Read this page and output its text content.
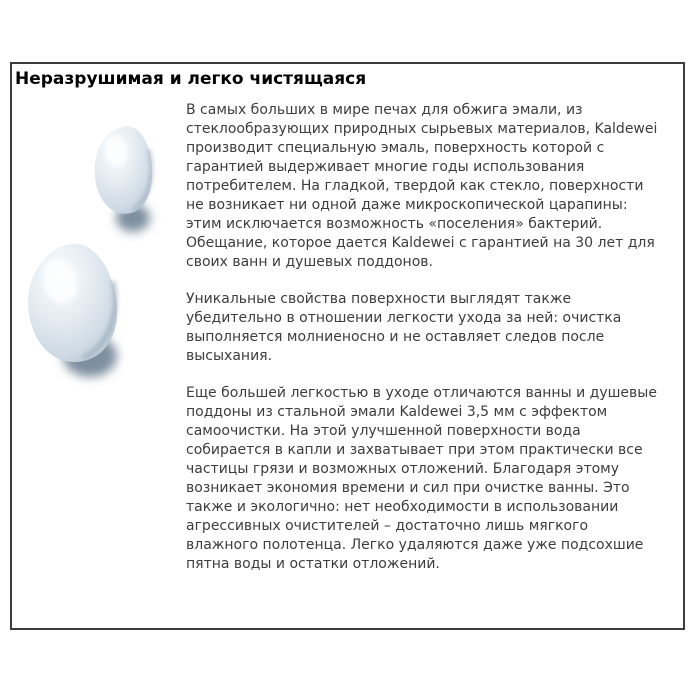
Неразрушимая и легко чистящаяся

В самых больших в мире печах для обжига эмали, из стеклообразующих природных сырьевых материалов, Kaldewei производит специальную эмаль, поверхность которой с гарантией выдерживает многие годы использования потребителем. На гладкой, твердой как стекло, поверхности не возникает ни одной даже микроскопической царапины: этим исключается возможность «поселения» бактерий. Обещание, которое дается Kaldewei с гарантией на 30 лет для своих ванн и душевых поддонов.

Уникальные свойства поверхности выглядят также убедительно в отношении легкости ухода за ней: очистка выполняется молниеносно и не оставляет следов после высыхания.

Еще большей легкостью в уходе отличаются ванны и душевые поддоны из стальной эмали Kaldewei 3,5 мм с эффектом самоочистки. На этой улучшенной поверхности вода собирается в капли и захватывает при этом практически все частицы грязи и возможных отложений. Благодаря этому возникает экономия времени и сил при очистке ванны. Это также и экологично: нет необходимости в использовании агрессивных очистителей – достаточно лишь мягкого влажного полотенца. Легко удаляются даже уже подсохшие пятна воды и остатки отложений.
